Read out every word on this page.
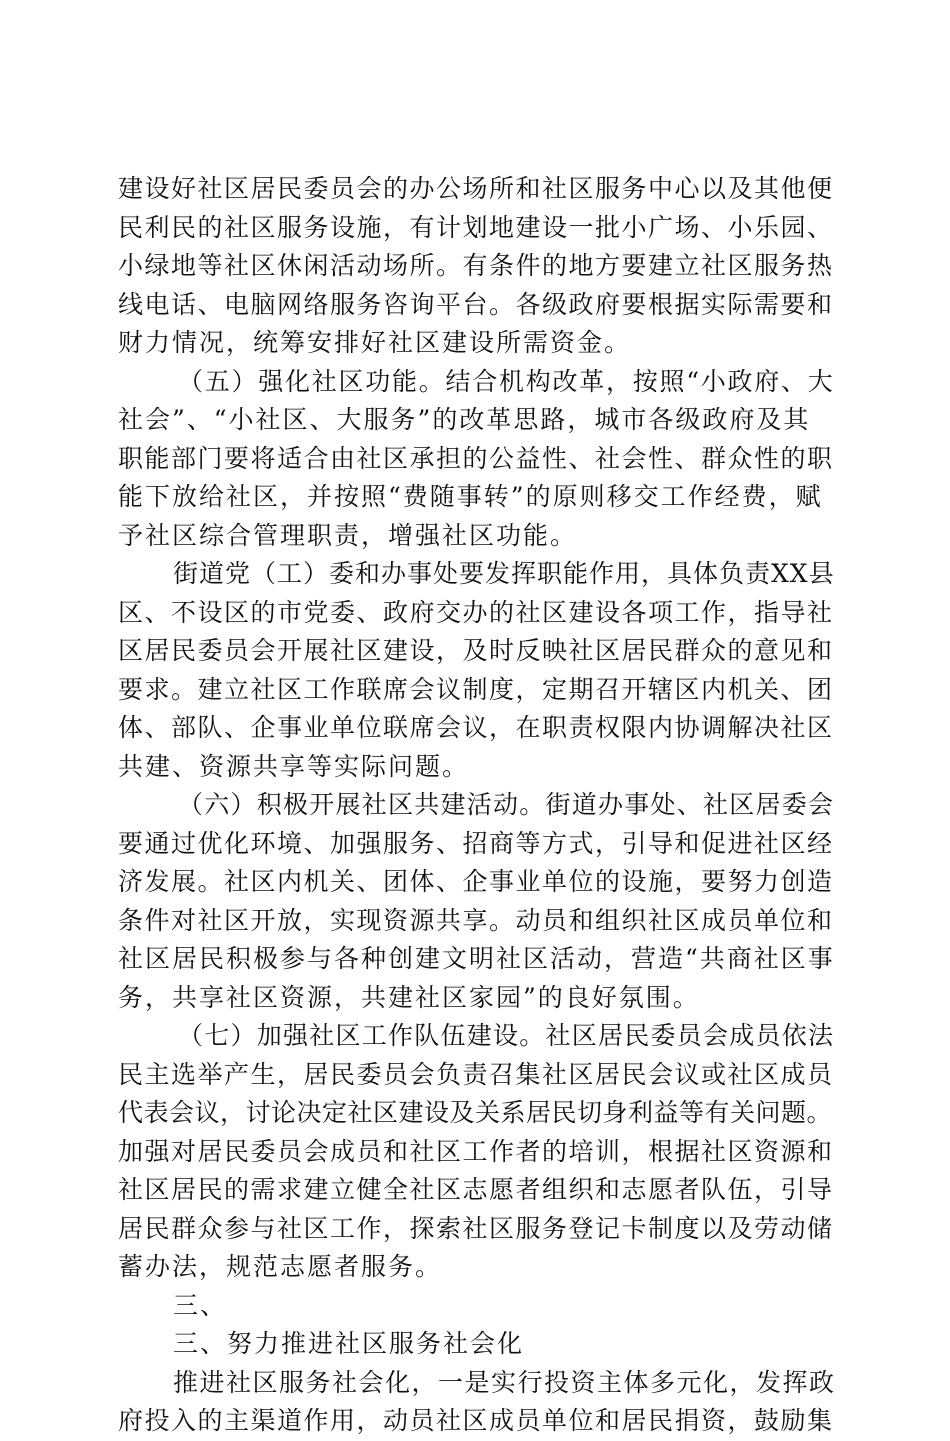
建设好社区居民委员会的办公场所和社区服务中心以及其他便
民利民的社区服务设施，有计划地建设一批小广场、小乐园、
小绿地等社区休闲活动场所。有条件的地方要建立社区服务热
线电话、电脑网络服务咨询平台。各级政府要根据实际需要和
财力情况，统筹安排好社区建设所需资金。
（五）强化社区功能。结合机构改革，按照“小政府、大
社会”、“小社区、大服务”的改革思路，城市各级政府及其
职能部门要将适合由社区承担的公益性、社会性、群众性的职
能下放给社区，并按照“费随事转”的原则移交工作经费，赋
予社区综合管理职责，增强社区功能。
街道党（工）委和办事处要发挥职能作用，具体负责XX县
区、不设区的市党委、政府交办的社区建设各项工作，指导社
区居民委员会开展社区建设，及时反映社区居民群众的意见和
要求。建立社区工作联席会议制度，定期召开辖区内机关、团
体、部队、企事业单位联席会议，在职责权限内协调解决社区
共建、资源共享等实际问题。
（六）积极开展社区共建活动。街道办事处、社区居委会
要通过优化环境、加强服务、招商等方式，引导和促进社区经
济发展。社区内机关、团体、企事业单位的设施，要努力创造
条件对社区开放，实现资源共享。动员和组织社区成员单位和
社区居民积极参与各种创建文明社区活动，营造“共商社区事
务，共享社区资源，共建社区家园”的良好氛围。
（七）加强社区工作队伍建设。社区居民委员会成员依法
民主选举产生，居民委员会负责召集社区居民会议或社区成员
代表会议，讨论决定社区建设及关系居民切身利益等有关问题。
加强对居民委员会成员和社区工作者的培训，根据社区资源和
社区居民的需求建立健全社区志愿者组织和志愿者队伍，引导
居民群众参与社区工作，探索社区服务登记卡制度以及劳动储
蓄办法，规范志愿者服务。
三、
三、努力推进社区服务社会化
推进社区服务社会化，一是实行投资主体多元化，发挥政
府投入的主渠道作用，动员社区成员单位和居民捐资，鼓励集
